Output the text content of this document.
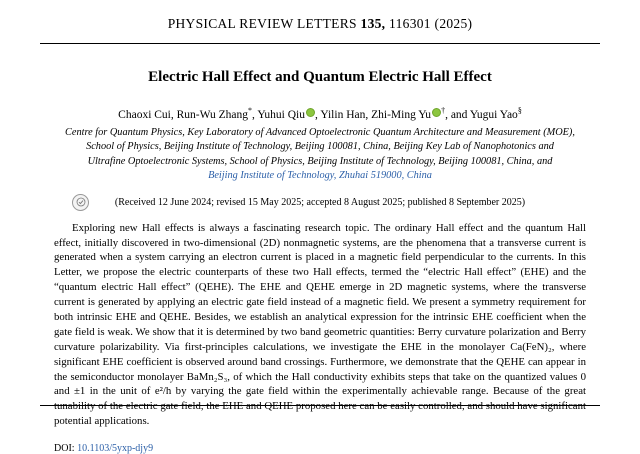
PHYSICAL REVIEW LETTERS 135, 116301 (2025)
Electric Hall Effect and Quantum Electric Hall Effect
Chaoxi Cui, Run-Wu Zhang*, Yuhui Qiu , Yilin Han, Zhi-Ming Yu †, and Yugui Yao§
Centre for Quantum Physics, Key Laboratory of Advanced Optoelectronic Quantum Architecture and Measurement (MOE),
School of Physics, Beijing Institute of Technology, Beijing 100081, China, Beijing Key Lab of Nanophotonics and
Ultrafine Optoelectronic Systems, School of Physics, Beijing Institute of Technology, Beijing 100081, China, and
Beijing Institute of Technology, Zhuhai 519000, China
(Received 12 June 2024; revised 15 May 2025; accepted 8 August 2025; published 8 September 2025)
Exploring new Hall effects is always a fascinating research topic. The ordinary Hall effect and the quantum Hall effect, initially discovered in two-dimensional (2D) nonmagnetic systems, are the phenomena that a transverse current is generated when a system carrying an electron current is placed in a magnetic field perpendicular to the currents. In this Letter, we propose the electric counterparts of these two Hall effects, termed the “electric Hall effect” (EHE) and the “quantum electric Hall effect” (QEHE). The EHE and QEHE emerge in 2D magnetic systems, where the transverse current is generated by applying an electric gate field instead of a magnetic field. We present a symmetry requirement for both intrinsic EHE and QEHE. Besides, we establish an analytical expression for the intrinsic EHE coefficient when the gate field is weak. We show that it is determined by two band geometric quantities: Berry curvature polarization and Berry curvature polarizability. Via first-principles calculations, we investigate the EHE in the monolayer Ca(FeN)₂, where significant EHE coefficient is observed around band crossings. Furthermore, we demonstrate that the QEHE can appear in the semiconductor monolayer BaMn₂S₃, of which the Hall conductivity exhibits steps that take on the quantized values 0 and ±1 in the unit of e²/h by varying the gate field within the experimentally achievable range. Because of the great tunability of the electric gate field, the EHE and QEHE proposed here can be easily controlled, and should have significant potential applications.
DOI: 10.1103/5yxp-djy9
